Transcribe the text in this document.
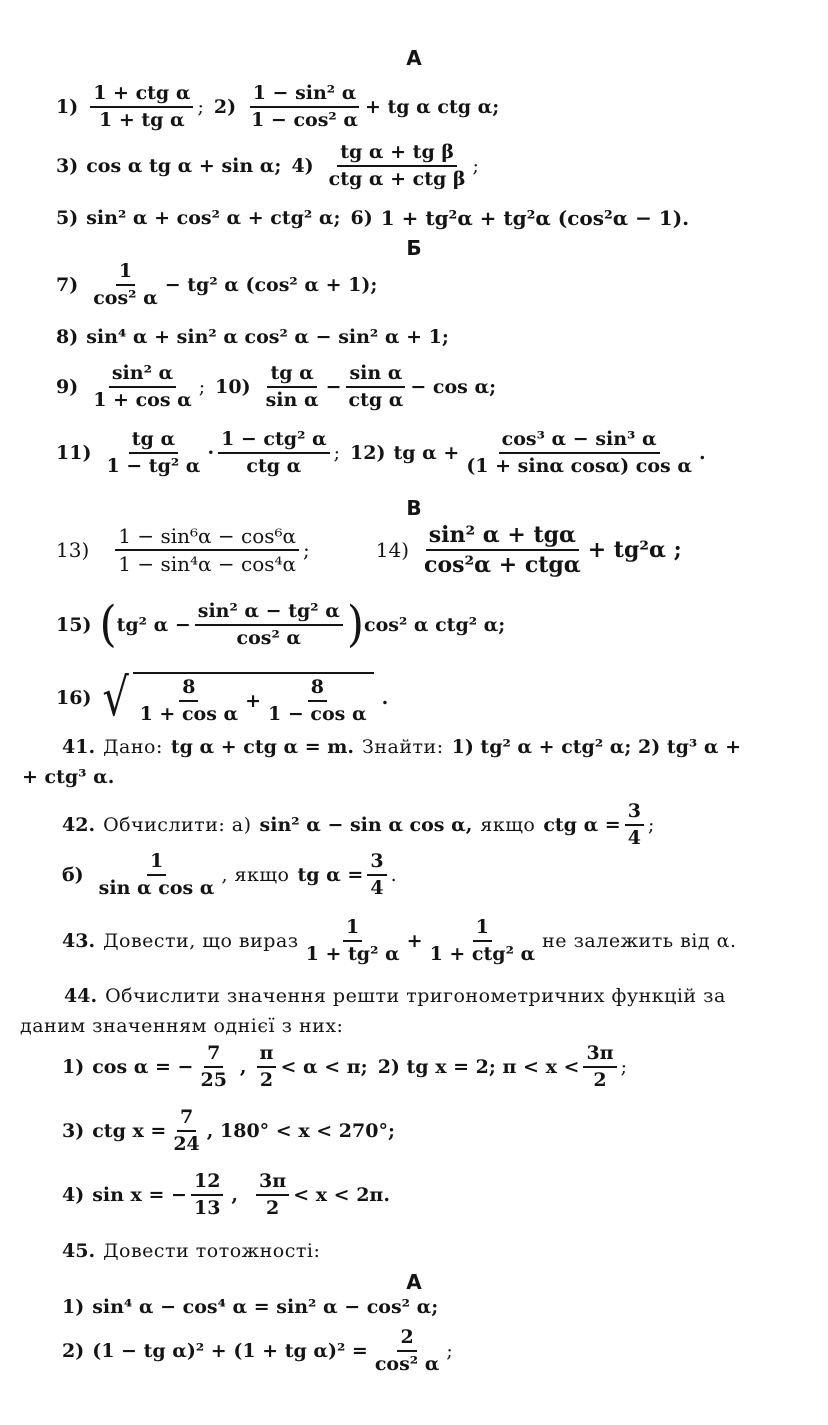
А
1)
1 + ctg α
1 + tg α
; 2)
1 − sin² α
1 − cos² α
+ tg α ctg α;
3) cos α tg α + sin α; 4)
tg α + tg β
ctg α + ctg β
;
5) sin² α + cos² α + ctg² α; 6) 1 + tg²α + tg²α (cos²α − 1).
Б
7)
1
cos² α
− tg² α (cos² α + 1);
8) sin⁴ α + sin² α cos² α − sin² α + 1;
9)
sin² α
1 + cos α
; 10)
tg α
sin α
−
sin α
ctg α
− cos α;
11)
tg α
1 − tg² α
·
1 − ctg² α
ctg α
; 12) tg $\alpha + \frac{\text{cos³ α − sin³ α}}{\text{(1 + sinα cosα) cos α}}$ .
В
13)
1 − sin⁶α − cos⁶α
1 − sin⁴α − cos⁴α
;	14)
sin² α + tgα
cos²α + ctgα
+ tg²α ;
15) ( tg² $\alpha - \frac{\text{sin² α − tg² α}}{\text{cos² α}}$ ) cos² α ctg² α;
16) √	8
1 + cos α
+ $\frac{8}{\text{1 − cos α}}$ .
41. Дано: tg α + ctg α = m. Знайти: 1) tg² α + ctg² α; 2) tg³ α +
+ ctg³ α.
42. Обчислити: а) sin² α − sin α cos α, якщо ctg $\alpha = \frac{3}{4}$ ;
б)
1
sin α cos α
, якщо tg $\alpha = \frac{3}{4}$ .
43. Довести, що вираз
1
1 + tg² α
+
1
1 + ctg² α
не залежить від α.
44. Обчислити значення решти тригонометричних функцій за
даним значенням однієї з них:
1) cos α = − $\frac{7}{25}$ ,
π
2
< α < π; 2) tg x = 2; π < x <
3π
2
;
3) ctg $x = \frac{7}{24}$ , 180° < x < 270°;
4) sin x = − $\frac{12}{13}$ ,
3π
2
< x < 2π.
45. Довести тотожності:
А
1) sin⁴ α − cos⁴ α = sin² α − cos² α;
2) (1 − tg α)² + (1 + tg $\alpha)^2 = \frac{2}{\text{cos² α}}$ ;
